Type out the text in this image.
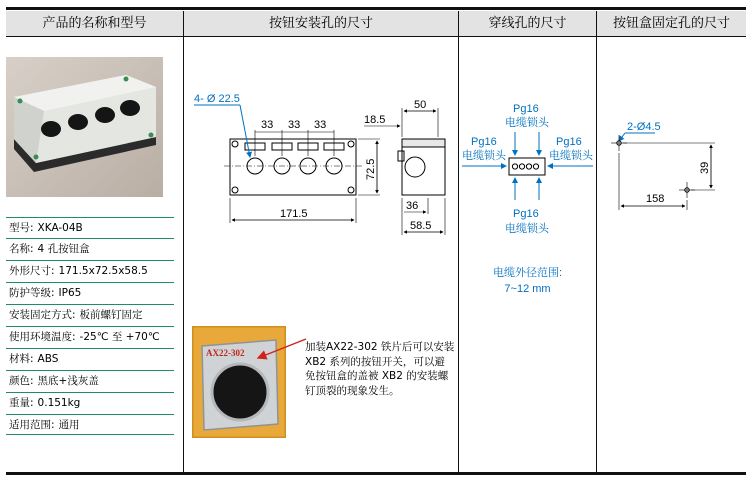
产品的名称和型号	按钮安装孔的尺寸	穿线孔的尺寸	按钮盒固定孔的尺寸
型号: XKA-04B
名称: 4 孔按钮盒
外形尺寸: 171.5x72.5x58.5
防护等级: IP65
安装固定方式: 板前螺钉固定
使用环境温度: -25℃ 至 +70℃
材料: ABS
颜色: 黑底+浅灰盖
重量: 0.151kg
适用范围: 通用
4- Ø 22.5
33 33 33
171.5
72.5
50
18.5
36
58.5
AX22-302	加装AX22-302 铁片后可以安装 XB2 系列的按钮开关，可以避免按钮盒的盖被 XB2 的安装螺钉顶裂的现象发生。
Pg16
电缆锁头
Pg16
电缆锁头
Pg16
电缆锁头
Pg16
电缆锁头
电缆外径范围:
7~12 mm
2-Ø4.5
158
39
